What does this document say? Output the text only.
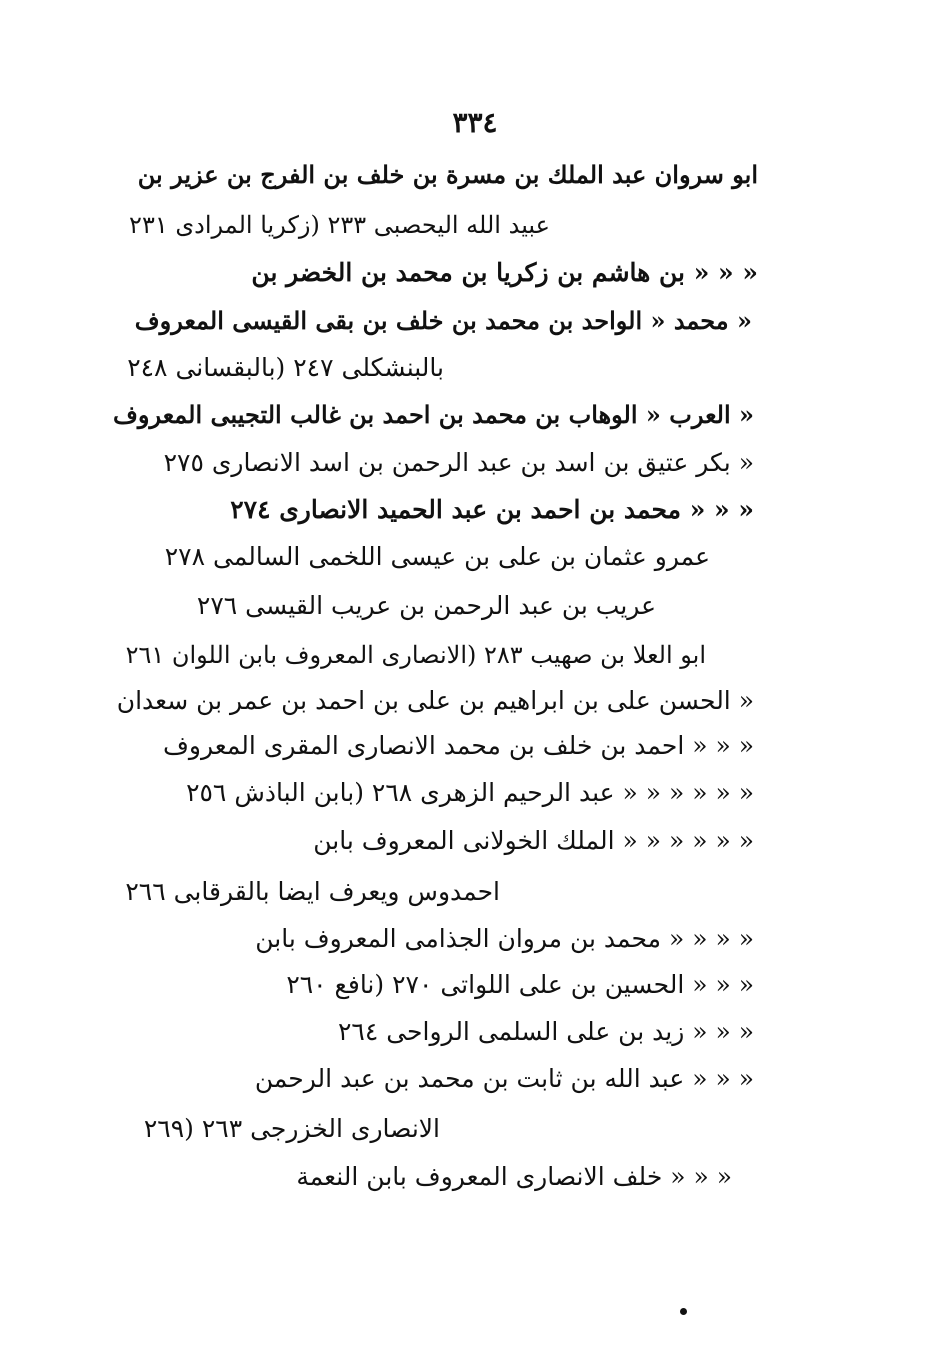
٣٣٤
ابو سروان عبد الملك بن مسرة بن خلف بن الفرج بن عزير بن
عبيد الله اليحصبى ٢٣٣ (زكريا المرادى ٢٣١
« « « بن هاشم بن زكريا بن محمد بن الخضر بن
« محمد « الواحد بن محمد بن خلف بن بقى القيسى المعروف
بالبنشكلى ٢٤٧ (بالبقسانى ٢٤٨
« العرب « الوهاب بن محمد بن احمد بن غالب التجيبى المعروف
« بكر عتيق بن اسد بن عبد الرحمن بن اسد الانصارى ٢٧٥
« « « محمد بن احمد بن عبد الحميد الانصارى ٢٧٤
عمرو عثمان بن على بن عيسى اللخمى السالمى ٢٧٨
عريب بن عبد الرحمن بن عريب القيسى ٢٧٦
ابو العلا بن صهيب ٢٨٣ (الانصارى المعروف بابن اللوان ٢٦١
« الحسن على بن ابراهيم بن على بن احمد بن عمر بن سعدان
« « « احمد بن خلف بن محمد الانصارى المقرى المعروف
« « « « « « عبد الرحيم الزهرى ٢٦٨ (بابن الباذش ٢٥٦
« « « « « « الملك الخولانى المعروف بابن
احمدوس ويعرف ايضا بالقرقابى ٢٦٦
« « « « محمد بن مروان الجذامى المعروف بابن
« « « الحسين بن على اللواتى ٢٧٠ (نافع ٢٦٠
« « « زيد بن على السلمى الرواحى ٢٦٤
« « « عبد الله بن ثابت بن محمد بن عبد الرحمن
الانصارى الخزرجى ٢٦٣ (٢٦٩
« « « خلف الانصارى المعروف بابن النعمة
